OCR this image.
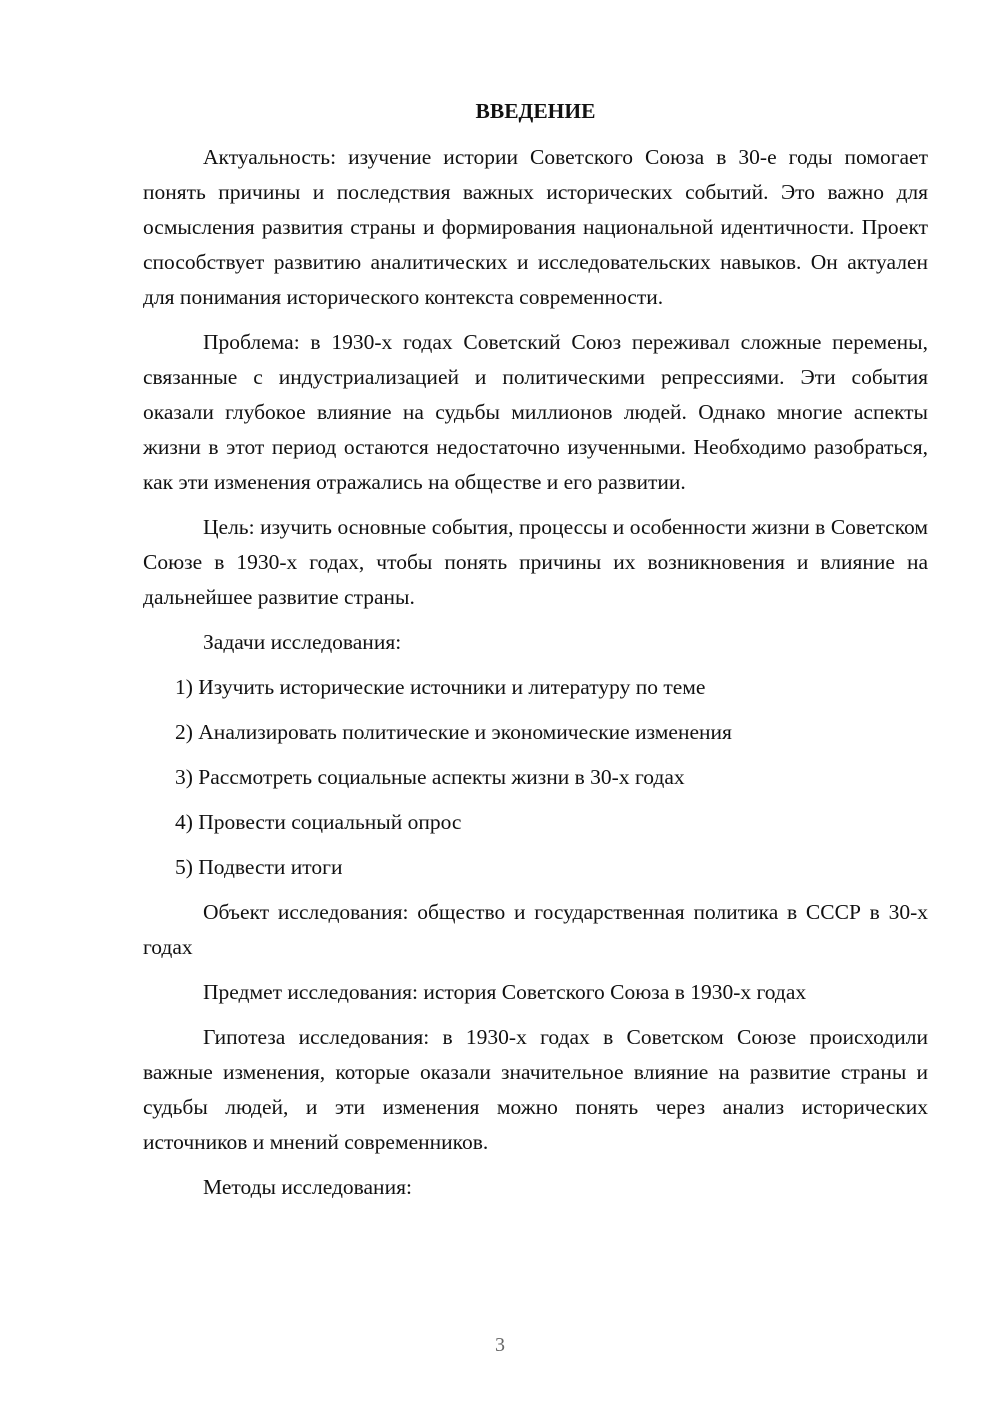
ВВЕДЕНИЕ

Актуальность: изучение истории Советского Союза в 30-е годы помогает понять причины и последствия важных исторических событий. Это важно для осмысления развития страны и формирования национальной идентичности. Проект способствует развитию аналитических и исследовательских навыков. Он актуален для понимания исторического контекста современности.

Проблема: в 1930-х годах Советский Союз переживал сложные перемены, связанные с индустриализацией и политическими репрессиями. Эти события оказали глубокое влияние на судьбы миллионов людей. Однако многие аспекты жизни в этот период остаются недостаточно изученными. Необходимо разобраться, как эти изменения отражались на обществе и его развитии.

Цель: изучить основные события, процессы и особенности жизни в Советском Союзе в 1930-х годах, чтобы понять причины их возникновения и влияние на дальнейшее развитие страны.

Задачи исследования:

1) Изучить исторические источники и литературу по теме

2) Анализировать политические и экономические изменения

3) Рассмотреть социальные аспекты жизни в 30-х годах

4) Провести социальный опрос

5) Подвести итоги

Объект исследования: общество и государственная политика в СССР в 30-х годах

Предмет исследования: история Советского Союза в 1930-х годах

Гипотеза исследования: в 1930-х годах в Советском Союзе происходили важные изменения, которые оказали значительное влияние на развитие страны и судьбы людей, и эти изменения можно понять через анализ исторических источников и мнений современников.

Методы исследования:

3
